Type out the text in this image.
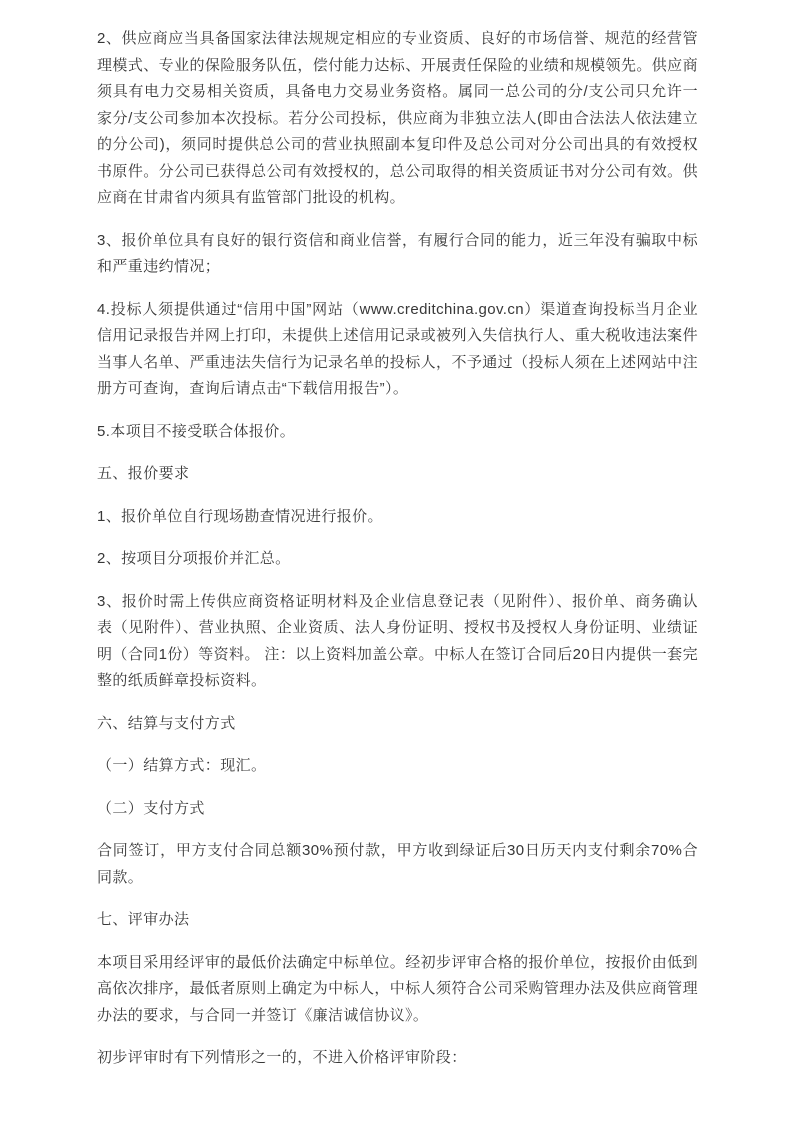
2、供应商应当具备国家法律法规规定相应的专业资质、良好的市场信誉、规范的经营管理模式、专业的保险服务队伍，偿付能力达标、开展责任保险的业绩和规模领先。供应商须具有电力交易相关资质，具备电力交易业务资格。属同一总公司的分/支公司只允许一家分/支公司参加本次投标。若分公司投标，供应商为非独立法人(即由合法法人依法建立的分公司)，须同时提供总公司的营业执照副本复印件及总公司对分公司出具的有效授权书原件。分公司已获得总公司有效授权的，总公司取得的相关资质证书对分公司有效。供应商在甘肃省内须具有监管部门批设的机构。

3、报价单位具有良好的银行资信和商业信誉，有履行合同的能力，近三年没有骗取中标和严重违约情况；

4.投标人须提供通过“信用中国”网站（www.creditchina.gov.cn）渠道查询投标当月企业信用记录报告并网上打印，未提供上述信用记录或被列入失信执行人、重大税收违法案件当事人名单、严重违法失信行为记录名单的投标人，不予通过（投标人须在上述网站中注册方可查询，查询后请点击“下载信用报告”）。

5.本项目不接受联合体报价。

五、报价要求

1、报价单位自行现场勘查情况进行报价。

2、按项目分项报价并汇总。

3、报价时需上传供应商资格证明材料及企业信息登记表（见附件）、报价单、商务确认表（见附件）、营业执照、企业资质、法人身份证明、授权书及授权人身份证明、业绩证明（合同1份）等资料。 注：以上资料加盖公章。中标人在签订合同后20日内提供一套完整的纸质鲜章投标资料。

六、结算与支付方式

（一）结算方式：现汇。

（二）支付方式

合同签订，甲方支付合同总额30%预付款，甲方收到绿证后30日历天内支付剩余70%合同款。

七、评审办法

本项目采用经评审的最低价法确定中标单位。经初步评审合格的报价单位，按报价由低到高依次排序，最低者原则上确定为中标人，中标人须符合公司采购管理办法及供应商管理办法的要求，与合同一并签订《廉洁诚信协议》。

初步评审时有下列情形之一的，不进入价格评审阶段：
